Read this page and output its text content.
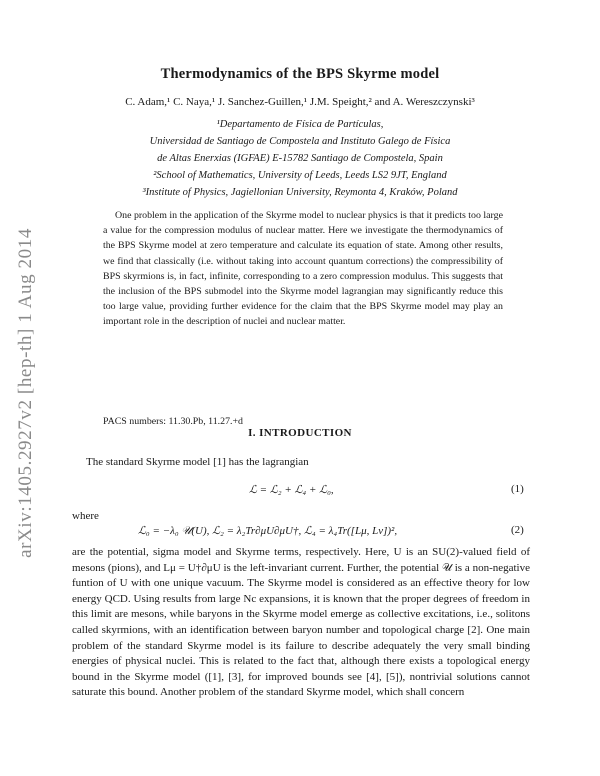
arXiv:1405.2927v2 [hep-th] 1 Aug 2014
Thermodynamics of the BPS Skyrme model
C. Adam,¹ C. Naya,¹ J. Sanchez-Guillen,¹ J.M. Speight,² and A. Wereszczynski³
¹Departamento de Física de Partículas,
Universidad de Santiago de Compostela and Instituto Galego de Física
de Altas Enerxias (IGFAE) E-15782 Santiago de Compostela, Spain
²School of Mathematics, University of Leeds, Leeds LS2 9JT, England
³Institute of Physics, Jagiellonian University, Reymonta 4, Kraków, Poland
One problem in the application of the Skyrme model to nuclear physics is that it predicts too large a value for the compression modulus of nuclear matter. Here we investigate the thermodynamics of the BPS Skyrme model at zero temperature and calculate its equation of state. Among other results, we find that classically (i.e. without taking into account quantum corrections) the compressibility of BPS skyrmions is, in fact, infinite, corresponding to a zero compression modulus. This suggests that the inclusion of the BPS submodel into the Skyrme model lagrangian may significantly reduce this too large value, providing further evidence for the claim that the BPS Skyrme model may play an important role in the description of nuclei and nuclear matter.
PACS numbers: 11.30.Pb, 11.27.+d
I. INTRODUCTION
The standard Skyrme model [1] has the lagrangian
ℒ = ℒ₂ + ℒ₄ + ℒ₀,	(1)
where
ℒ₀ = −λ₀ 𝒰(U), ℒ₂ = λ₂Tr∂μU∂μU†, ℒ₄ = λ₄Tr([Lμ, Lν])²,	(2)
are the potential, sigma model and Skyrme terms, respectively. Here, U is an SU(2)-valued field of mesons (pions), and Lμ = U†∂μU is the left-invariant current. Further, the potential 𝒰 is a non-negative funtion of U with one unique vacuum. The Skyrme model is considered as an effective theory for low energy QCD. Using results from large Nc expansions, it is known that the proper degrees of freedom in this limit are mesons, while baryons in the Skyrme model emerge as collective excitations, i.e., solitons called skyrmions, with an identification between baryon number and topological charge [2]. One main problem of the standard Skyrme model is its failure to describe adequately the very small binding energies of physical nuclei. This is related to the fact that, although there exists a topological energy bound in the Skyrme model ([1], [3], for improved bounds see [4], [5]), nontrivial solutions cannot saturate this bound. Another problem of the standard Skyrme model, which shall concern
